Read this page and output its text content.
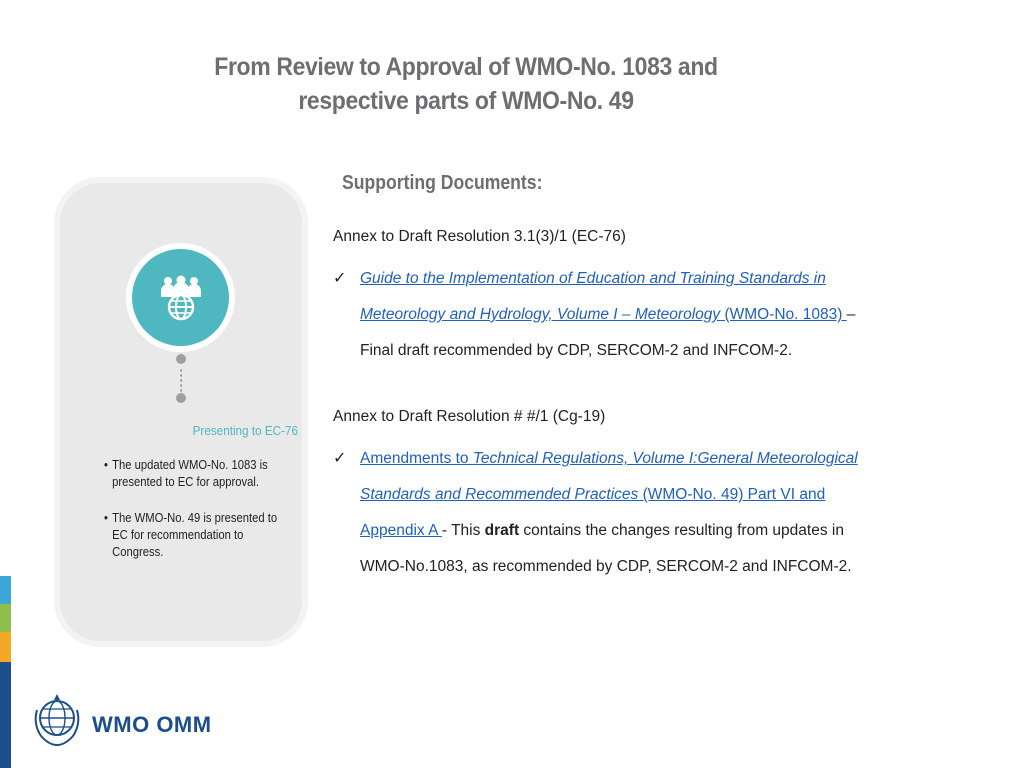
From Review to Approval of WMO-No. 1083 and
respective parts of WMO-No. 49
Supporting Documents:
Presenting to EC-76
• The updated WMO-No. 1083 is presented to EC for approval.
• The WMO-No. 49 is presented to EC for recommendation to Congress.
Annex to Draft Resolution 3.1(3)/1 (EC-76)
✓ Guide to the Implementation of Education and Training Standards in
Meteorology and Hydrology, Volume I – Meteorology (WMO-No. 1083) –
Final draft recommended by CDP, SERCOM-2 and INFCOM-2.
Annex to Draft Resolution # #/1 (Cg-19)
✓ Amendments to Technical Regulations, Volume I:General Meteorological
Standards and Recommended Practices (WMO-No. 49) Part VI and
Appendix A - This draft contains the changes resulting from updates in
WMO-No.1083, as recommended by CDP, SERCOM-2 and INFCOM-2.
WMO OMM
